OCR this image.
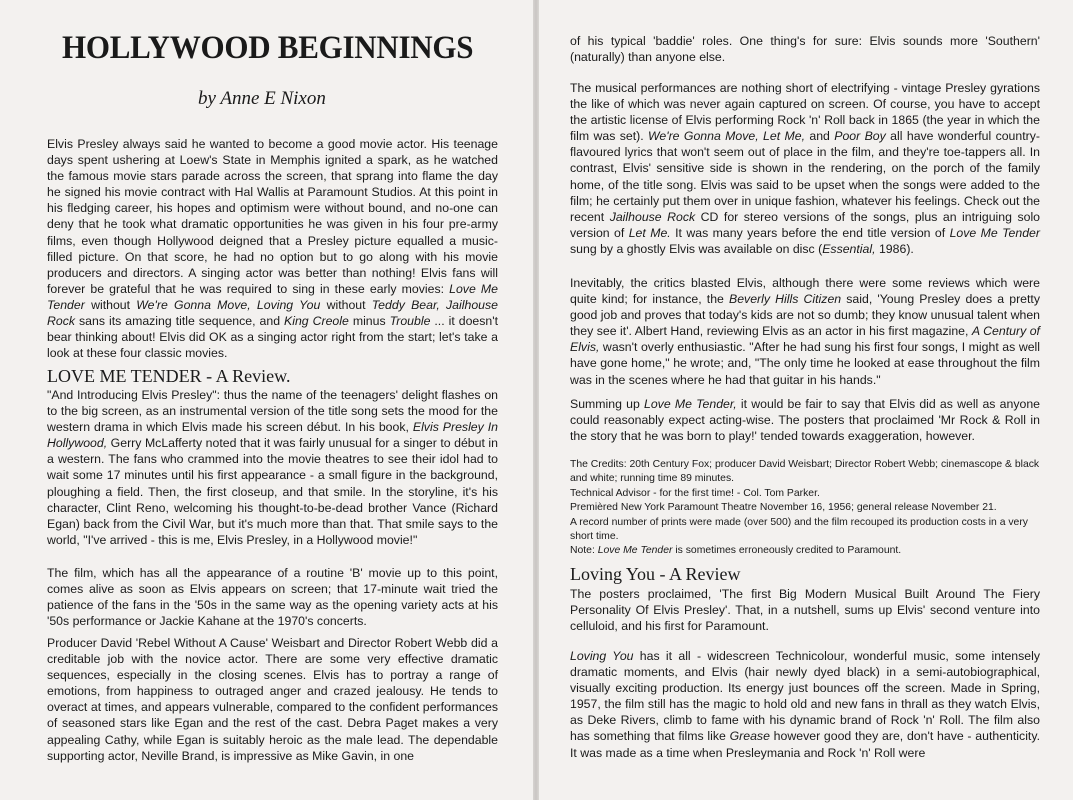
HOLLYWOOD BEGINNINGS
by Anne E Nixon

Elvis Presley always said he wanted to become a good movie actor. His teenage days spent ushering at Loew's State in Memphis ignited a spark, as he watched the famous movie stars parade across the screen, that sprang into flame the day he signed his movie contract with Hal Wallis at Paramount Studios. At this point in his fledging career, his hopes and optimism were without bound, and no-one can deny that he took what dramatic opportunities he was given in his four pre-army films, even though Hollywood deigned that a Presley picture equalled a music-filled picture. On that score, he had no option but to go along with his movie producers and directors. A singing actor was better than nothing! Elvis fans will forever be grateful that he was required to sing in these early movies: Love Me Tender without We're Gonna Move, Loving You without Teddy Bear, Jailhouse Rock sans its amazing title sequence, and King Creole minus Trouble ... it doesn't bear thinking about! Elvis did OK as a singing actor right from the start; let's take a look at these four classic movies.

LOVE ME TENDER - A Review.

"And Introducing Elvis Presley": thus the name of the teenagers' delight flashes on to the big screen, as an instrumental version of the title song sets the mood for the western drama in which Elvis made his screen début. In his book, Elvis Presley In Hollywood, Gerry McLafferty noted that it was fairly unusual for a singer to début in a western. The fans who crammed into the movie theatres to see their idol had to wait some 17 minutes until his first appearance - a small figure in the background, ploughing a field. Then, the first closeup, and that smile. In the storyline, it's his character, Clint Reno, welcoming his thought-to-be-dead brother Vance (Richard Egan) back from the Civil War, but it's much more than that. That smile says to the world, "I've arrived - this is me, Elvis Presley, in a Hollywood movie!"

The film, which has all the appearance of a routine 'B' movie up to this point, comes alive as soon as Elvis appears on screen; that 17-minute wait tried the patience of the fans in the '50s in the same way as the opening variety acts at his '50s performance or Jackie Kahane at the 1970's concerts.

Producer David 'Rebel Without A Cause' Weisbart and Director Robert Webb did a creditable job with the novice actor. There are some very effective dramatic sequences, especially in the closing scenes. Elvis has to portray a range of emotions, from happiness to outraged anger and crazed jealousy. He tends to overact at times, and appears vulnerable, compared to the confident performances of seasoned stars like Egan and the rest of the cast. Debra Paget makes a very appealing Cathy, while Egan is suitably heroic as the male lead. The dependable supporting actor, Neville Brand, is impressive as Mike Gavin, in one

of his typical 'baddie' roles. One thing's for sure: Elvis sounds more 'Southern' (naturally) than anyone else.

The musical performances are nothing short of electrifying - vintage Presley gyrations the like of which was never again captured on screen. Of course, you have to accept the artistic license of Elvis performing Rock 'n' Roll back in 1865 (the year in which the film was set). We're Gonna Move, Let Me, and Poor Boy all have wonderful country-flavoured lyrics that won't seem out of place in the film, and they're toe-tappers all. In contrast, Elvis' sensitive side is shown in the rendering, on the porch of the family home, of the title song. Elvis was said to be upset when the songs were added to the film; he certainly put them over in unique fashion, whatever his feelings. Check out the recent Jailhouse Rock CD for stereo versions of the songs, plus an intriguing solo version of Let Me. It was many years before the end title version of Love Me Tender sung by a ghostly Elvis was available on disc (Essential, 1986).

Inevitably, the critics blasted Elvis, although there were some reviews which were quite kind; for instance, the Beverly Hills Citizen said, 'Young Presley does a pretty good job and proves that today's kids are not so dumb; they know unusual talent when they see it'. Albert Hand, reviewing Elvis as an actor in his first magazine, A Century of Elvis, wasn't overly enthusiastic. "After he had sung his first four songs, I might as well have gone home," he wrote; and, "The only time he looked at ease throughout the film was in the scenes where he had that guitar in his hands."

Summing up Love Me Tender, it would be fair to say that Elvis did as well as anyone could reasonably expect acting-wise. The posters that proclaimed 'Mr Rock & Roll in the story that he was born to play!' tended towards exaggeration, however.

The Credits: 20th Century Fox; producer David Weisbart; Director Robert Webb; cinemascope & black and white; running time 89 minutes.

Technical Advisor - for the first time! - Col. Tom Parker.

Premièred New York Paramount Theatre November 16, 1956; general release November 21.

A record number of prints were made (over 500) and the film recouped its production costs in a very short time.

Note: Love Me Tender is sometimes erroneously credited to Paramount.

Loving You - A Review

The posters proclaimed, 'The first Big Modern Musical Built Around The Fiery Personality Of Elvis Presley'. That, in a nutshell, sums up Elvis' second venture into celluloid, and his first for Paramount.

Loving You has it all - widescreen Technicolour, wonderful music, some intensely dramatic moments, and Elvis (hair newly dyed black) in a semi-autobiographical, visually exciting production. Its energy just bounces off the screen. Made in Spring, 1957, the film still has the magic to hold old and new fans in thrall as they watch Elvis, as Deke Rivers, climb to fame with his dynamic brand of Rock 'n' Roll. The film also has something that films like Grease however good they are, don't have - authenticity. It was made as a time when Presleymania and Rock 'n' Roll were
